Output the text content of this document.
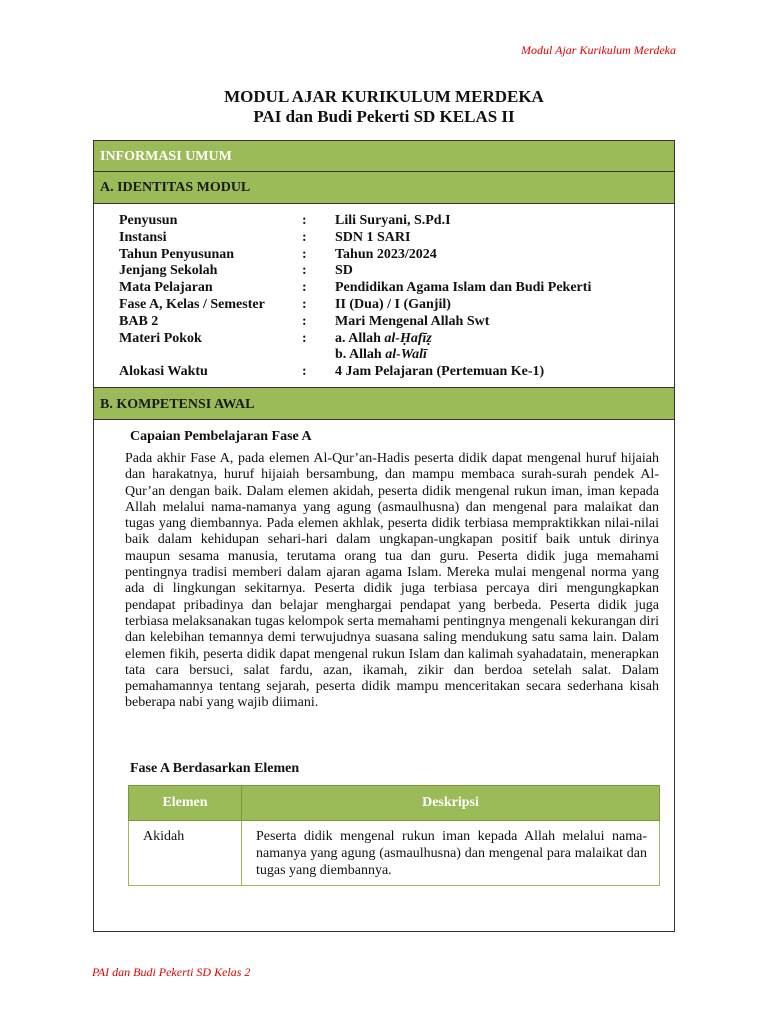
Modul Ajar Kurikulum Merdeka
MODUL AJAR KURIKULUM MERDEKA
PAI dan Budi Pekerti SD KELAS II
INFORMASI UMUM
A. IDENTITAS MODUL
Penyusun	:	Lili Suryani, S.Pd.I
Instansi	:	SDN 1 SARI
Tahun Penyusunan	:	Tahun 2023/2024
Jenjang Sekolah	:	SD
Mata Pelajaran	:	Pendidikan Agama Islam dan Budi Pekerti
Fase A, Kelas / Semester	:	II (Dua) / I (Ganjil)
BAB 2	:	Mari Mengenal Allah Swt
Materi Pokok	:	a. Allah al-Ḥafīẓ
b. Allah al-Walī
Alokasi Waktu	:	4 Jam Pelajaran (Pertemuan Ke-1)
B. KOMPETENSI AWAL
Capaian Pembelajaran Fase A
Pada akhir Fase A, pada elemen Al-Qur’an-Hadis peserta didik dapat mengenal huruf hijaiah dan harakatnya, huruf hijaiah bersambung, dan mampu membaca surah-surah pendek Al-Qur’an dengan baik. Dalam elemen akidah, peserta didik mengenal rukun iman, iman kepada Allah melalui nama-namanya yang agung (asmaulhusna) dan mengenal para malaikat dan tugas yang diembannya. Pada elemen akhlak, peserta didik terbiasa mempraktikkan nilai-nilai baik dalam kehidupan sehari-hari dalam ungkapan-ungkapan positif baik untuk dirinya maupun sesama manusia, terutama orang tua dan guru. Peserta didik juga memahami pentingnya tradisi memberi dalam ajaran agama Islam. Mereka mulai mengenal norma yang ada di lingkungan sekitarnya. Peserta didik juga terbiasa percaya diri mengungkapkan pendapat pribadinya dan belajar menghargai pendapat yang berbeda. Peserta didik juga terbiasa melaksanakan tugas kelompok serta memahami pentingnya mengenali kekurangan diri dan kelebihan temannya demi terwujudnya suasana saling mendukung satu sama lain. Dalam elemen fikih, peserta didik dapat mengenal rukun Islam dan kalimah syahadatain, menerapkan tata cara bersuci, salat fardu, azan, ikamah, zikir dan berdoa setelah salat. Dalam pemahamannya tentang sejarah, peserta didik mampu menceritakan secara sederhana kisah beberapa nabi yang wajib diimani.
Fase A Berdasarkan Elemen
Elemen	Deskripsi
Akidah	Peserta didik mengenal rukun iman kepada Allah melalui nama-namanya yang agung (asmaulhusna) dan mengenal para malaikat dan tugas yang diembannya.
PAI dan Budi Pekerti SD Kelas 2
